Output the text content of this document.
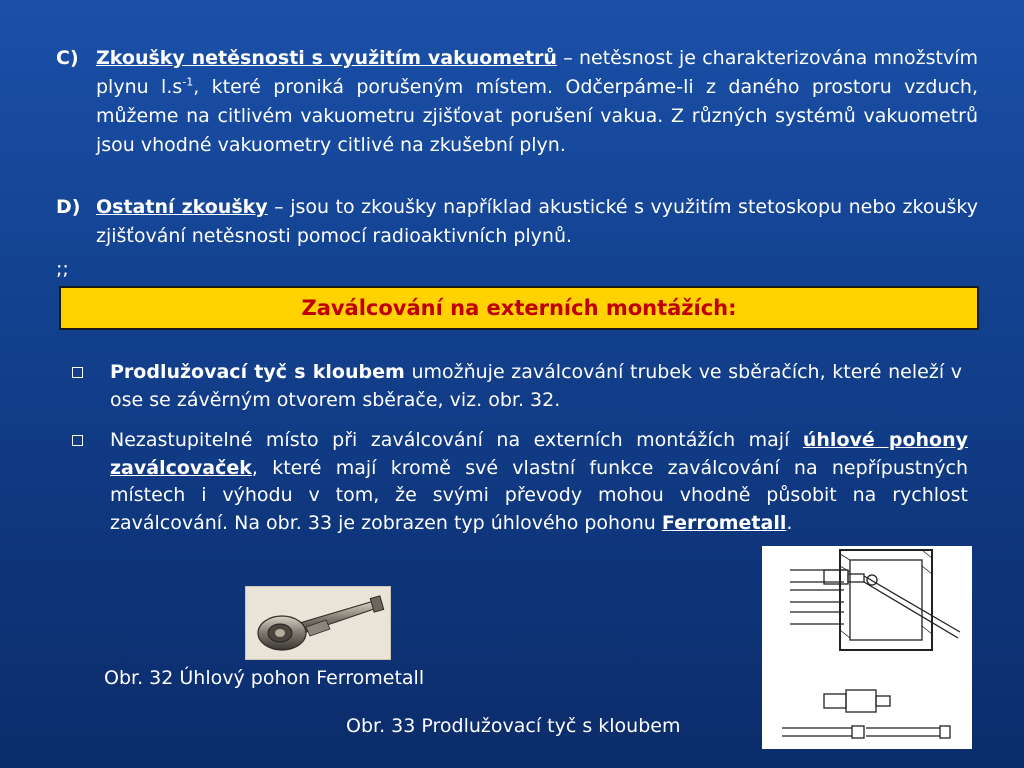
C) Zkoušky netěsnosti s využitím vakuometrů – netěsnost je charakterizována množstvím plynu $l.s^{-1}$, které proniká porušeným místem. Odčerpáme-li z daného prostoru vzduch, můžeme na citlivém vakuometru zjišťovat porušení vakua. Z různých systémů vakuometrů jsou vhodné vakuometry citlivé na zkušební plyn.
D) Ostatní zkoušky – jsou to zkoušky například akustické s využitím stetoskopu nebo zkoušky zjišťování netěsnosti pomocí radioaktivních plynů.
;;
Zaválcování na externích montážích:
Prodlužovací tyč s kloubem umožňuje zaválcování trubek ve sběračích, které neleží v ose se závěrným otvorem sběrače, viz. obr. 32.
Nezastupitelné místo při zaválcování na externích montážích mají úhlové pohony zaválcovaček, které mají kromě své vlastní funkce zaválcování na nepřípustných místech i výhodu v tom, že svými převody mohou vhodně působit na rychlost zaválcování. Na obr. 33 je zobrazen typ úhlového pohonu Ferrometall.
Obr. 32 Úhlový pohon Ferrometall
Obr. 33 Prodlužovací tyč s kloubem
